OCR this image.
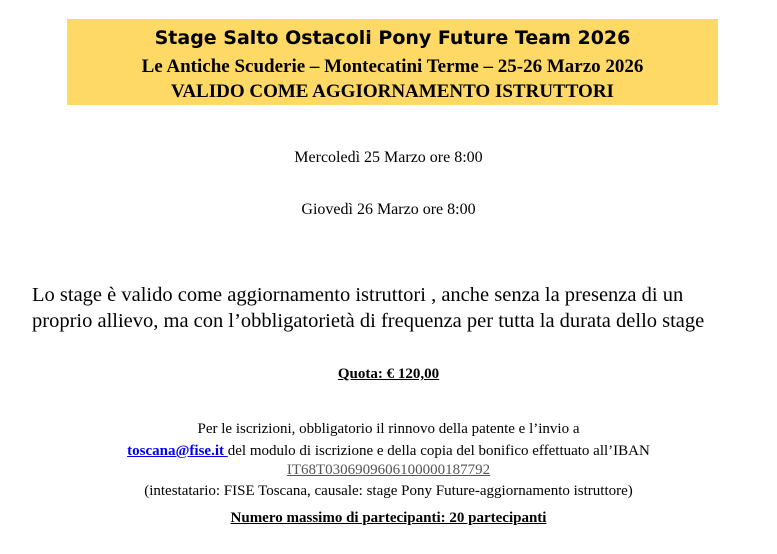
Stage Salto Ostacoli Pony Future Team 2026
Le Antiche Scuderie – Montecatini Terme – 25-26 Marzo 2026
VALIDO COME AGGIORNAMENTO ISTRUTTORI
Mercoledì 25 Marzo ore 8:00
Giovedì 26 Marzo ore 8:00
Lo stage è valido come aggiornamento istruttori , anche senza la presenza di un proprio allievo, ma con l’obbligatorietà di frequenza per tutta la durata dello stage
Quota: € 120,00
Per le iscrizioni, obbligatorio il rinnovo della patente e l’invio a
toscana@fise.it del modulo di iscrizione e della copia del bonifico effettuato all’IBAN
IT68T0306909606100000187792
(intestatario: FISE Toscana, causale: stage Pony Future-aggiornamento istruttore)
Numero massimo di partecipanti: 20 partecipanti
